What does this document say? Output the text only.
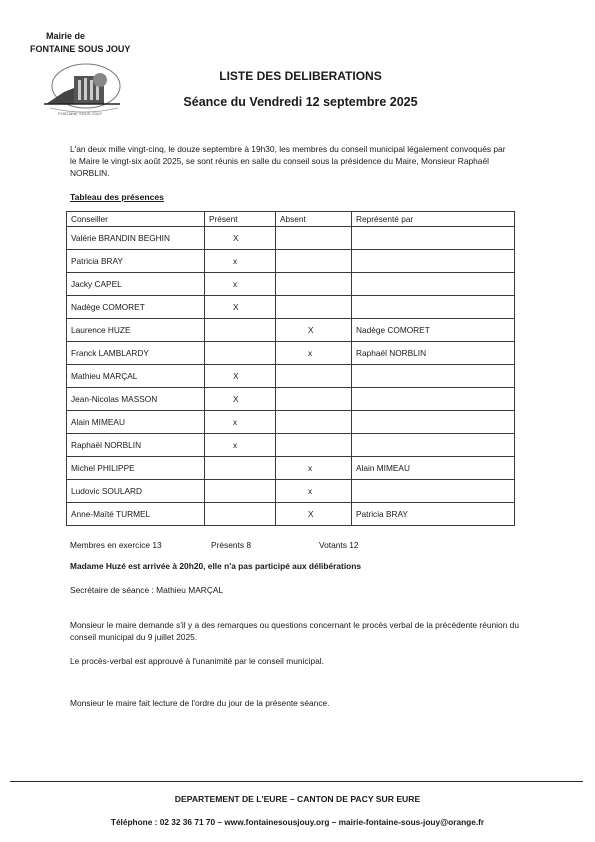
Mairie de
FONTAINE SOUS JOUY
FONTAINE SOUS JOUY
LISTE DES DELIBERATIONS
Séance du Vendredi 12 septembre 2025
L'an deux mille vingt-cinq, le douze septembre à 19h30, les membres du conseil municipal légalement convoqués par le Maire le vingt-six août 2025, se sont réunis en salle du conseil sous la présidence du Maire, Monsieur Raphaël NORBLIN.
Tableau des présences
Conseiller	Présent	Absent	Représenté par
Valérie BRANDIN BEGHIN	X		
Patricia BRAY	x		
Jacky CAPEL	x		
Nadège COMORET	X		
Laurence HUZE		X	Nadège COMORET
Franck LAMBLARDY		x	Raphaël NORBLIN
Mathieu MARÇAL	X		
Jean-Nicolas MASSON	X		
Alain MIMEAU	x		
Raphaël NORBLIN	x		
Michel PHILIPPE		x	Alain MIMEAU
Ludovic SOULARD		x	
Anne-Maïté TURMEL		X	Patricia BRAY
Membres en exercice 13	Présents 8	Votants 12
Madame Huzé est arrivée à 20h20, elle n'a pas participé aux délibérations
Secrétaire de séance : Mathieu MARÇAL
Monsieur le maire demande s'il y a des remarques ou questions concernant le procès verbal de la précédente réunion du conseil municipal du 9 juillet 2025.
Le procès-verbal est approuvé à l'unanimité par le conseil municipal.
Monsieur le maire fait lecture de l'ordre du jour de la présente séance.
DEPARTEMENT DE L'EURE – CANTON DE PACY SUR EURE
Téléphone : 02 32 36 71 70 – www.fontainesousjouy.org – mairie-fontaine-sous-jouy@orange.fr
